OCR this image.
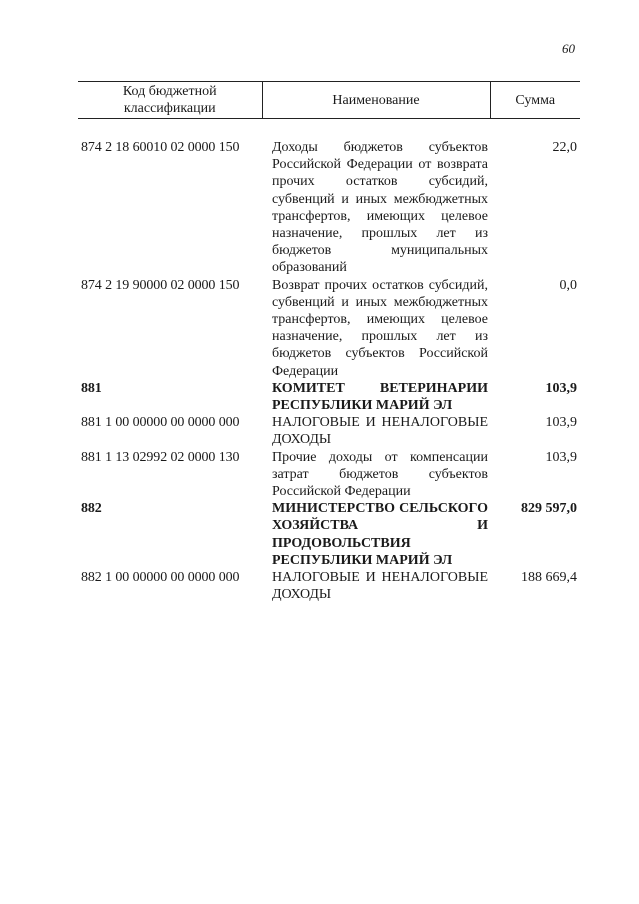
60
Код бюджетной классификации	Наименование	Сумма

874 2 18 60010 02 0000 150	Доходы бюджетов субъектов Российской Федерации от возврата прочих остатков субсидий, субвенций и иных межбюджетных трансфертов, имеющих целевое назначение, прошлых лет из бюджетов муниципальных образований	22,0
874 2 19 90000 02 0000 150	Возврат прочих остатков субсидий, субвенций и иных межбюджетных трансфертов, имеющих целевое назначение, прошлых лет из бюджетов субъектов Российской Федерации	0,0
881	КОМИТЕТ ВЕТЕРИНАРИИ РЕСПУБЛИКИ МАРИЙ ЭЛ	103,9
881 1 00 00000 00 0000 000	НАЛОГОВЫЕ И НЕНАЛОГОВЫЕ ДОХОДЫ	103,9
881 1 13 02992 02 0000 130	Прочие доходы от компенсации затрат бюджетов субъектов Российской Федерации	103,9
882	МИНИСТЕРСТВО СЕЛЬСКОГО ХОЗЯЙСТВА И ПРОДОВОЛЬСТВИЯ РЕСПУБЛИКИ МАРИЙ ЭЛ	829 597,0
882 1 00 00000 00 0000 000	НАЛОГОВЫЕ И НЕНАЛОГОВЫЕ ДОХОДЫ	188 669,4
